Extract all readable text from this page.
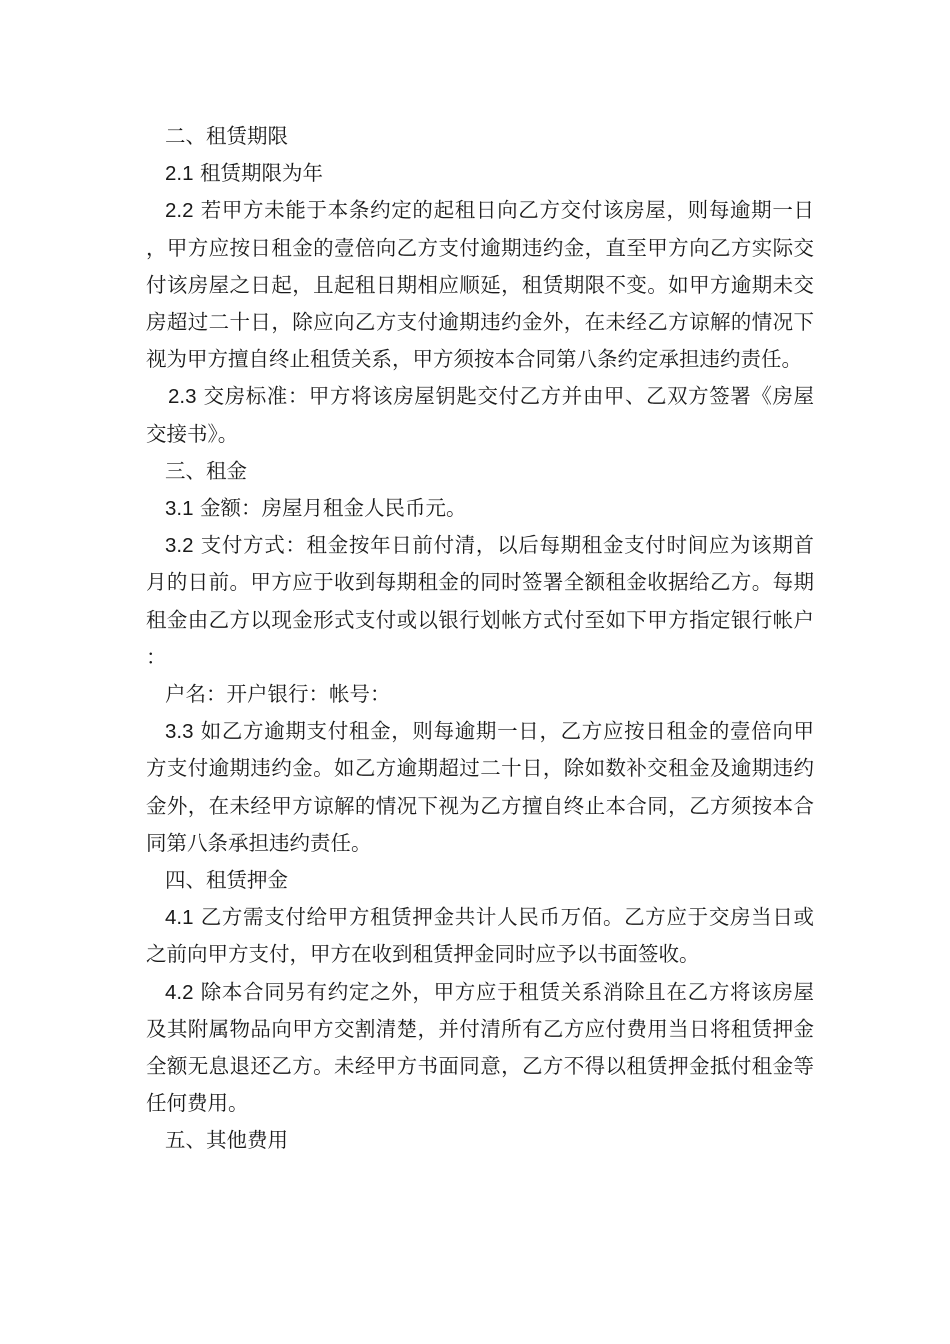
二、租赁期限

2.1 租赁期限为年

2.2 若甲方未能于本条约定的起租日向乙方交付该房屋，则每逾期一日，甲方应按日租金的壹倍向乙方支付逾期违约金，直至甲方向乙方实际交付该房屋之日起，且起租日期相应顺延，租赁期限不变。如甲方逾期未交房超过二十日，除应向乙方支付逾期违约金外，在未经乙方谅解的情况下视为甲方擅自终止租赁关系，甲方须按本合同第八条约定承担违约责任。

2.3 交房标准：甲方将该房屋钥匙交付乙方并由甲、乙双方签署《房屋交接书》。

三、租金

3.1 金额：房屋月租金人民币元。

3.2 支付方式：租金按年日前付清，以后每期租金支付时间应为该期首月的日前。甲方应于收到每期租金的同时签署全额租金收据给乙方。每期租金由乙方以现金形式支付或以银行划帐方式付至如下甲方指定银行帐户：

户名：开户银行：帐号：

3.3 如乙方逾期支付租金，则每逾期一日，乙方应按日租金的壹倍向甲方支付逾期违约金。如乙方逾期超过二十日，除如数补交租金及逾期违约金外，在未经甲方谅解的情况下视为乙方擅自终止本合同，乙方须按本合同第八条承担违约责任。

四、租赁押金

4.1 乙方需支付给甲方租赁押金共计人民币万佰。乙方应于交房当日或之前向甲方支付，甲方在收到租赁押金同时应予以书面签收。

4.2 除本合同另有约定之外，甲方应于租赁关系消除且在乙方将该房屋及其附属物品向甲方交割清楚，并付清所有乙方应付费用当日将租赁押金全额无息退还乙方。未经甲方书面同意，乙方不得以租赁押金抵付租金等任何费用。

五、其他费用
